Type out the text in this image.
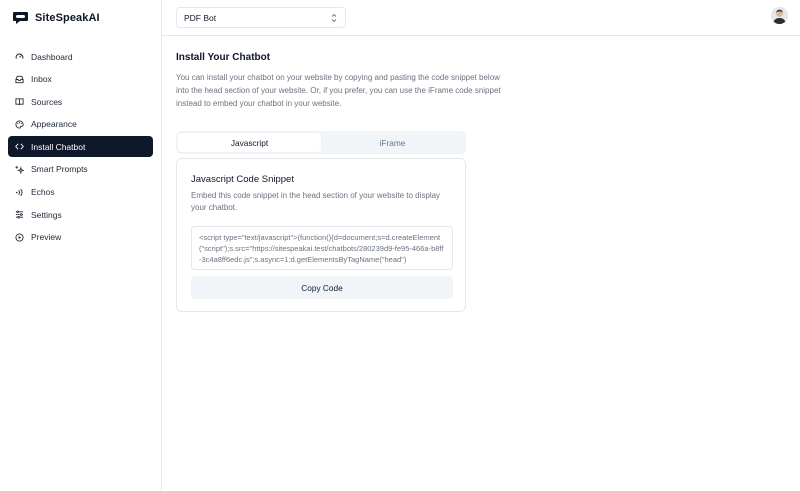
SiteSpeakAI
Dashboard
Inbox
Sources
Appearance
Install Chatbot
Smart Prompts
Echos
Settings
Preview
PDF Bot
Install Your Chatbot
You can install your chatbot on your website by copying and pasting the code snippet below into the head section of your website. Or, if you prefer, you can use the iFrame code snippet instead to embed your chatbot in your website.
Javascript	iFrame
Javascript Code Snippet
Embed this code snippet in the head section of your website to display your chatbot.
<script type="text/javascript">(function(){d=document;s=d.createElement("script");s.src="https://sitespeakai.test/chatbots/280239d9-fe95-466a-b8ff-3c4a8ff6edc.js";s.async=1;d.getElementsByTagName("head")
Copy Code
